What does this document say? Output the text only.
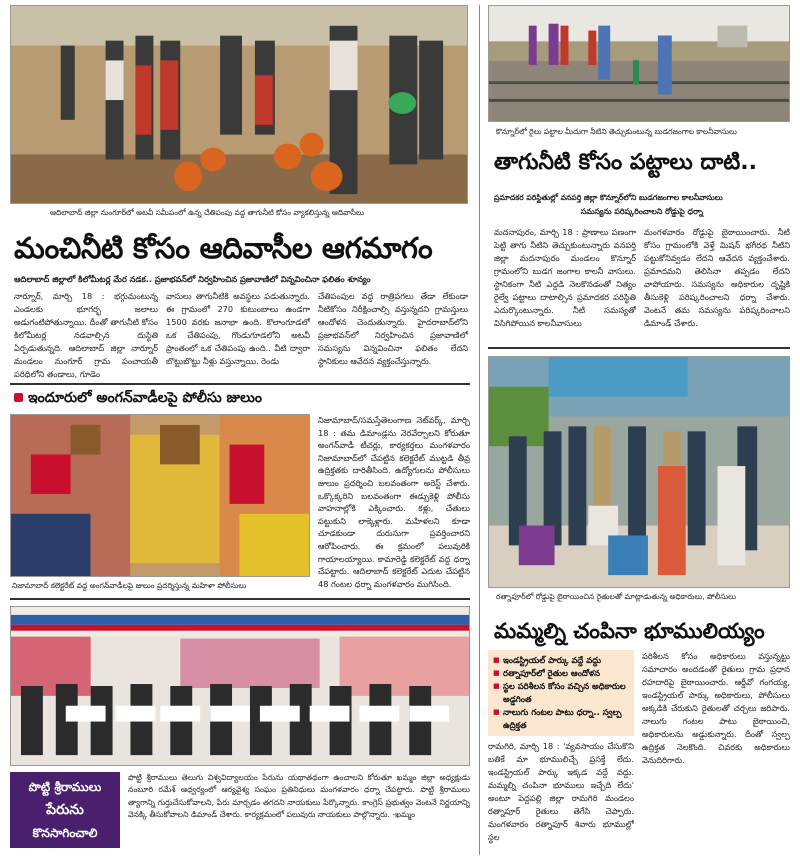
ఆదిలాబాద్ జిల్లా నుంగూర్‌లో అటవీ సమీపంలో ఉన్న చేతిపంపు వద్ద తాగునీటి కోసం వ్యాకలిస్తున్న ఆదివాసీలు
మంచినీటి కోసం ఆదివాసీల ఆగమాగం
ఆదిలాబాద్ జిల్లాలో కిలోమీటర్ల మేర నడక.. ప్రజాభవన్‌లో నిర్వహించిన ప్రజావాణిలో విన్నవించినా ఫలితం శూన్యం
నార్నూర్, మార్చి 18 : భగ్గుమంటున్న ఎండలకు భూగర్భ జలాలు అడుగంటిపోతున్నాయి. దీంతో తాగునీటి కోసం కిలోమీటర్ల నడవాల్సిన దుస్థితి ఏర్పడుతున్నది. ఆదిలాబాద్ జిల్లా నార్నూర్ మండలం నుంగూర్ గ్రామ పంచాయతీ పరిధిలోని తండాలు, గూడెం
వాసులు తాగునీటికి అవస్థలు పడుతున్నారు. ఈ గ్రామంలో 270 కుటుంబాలు ఉండగా 1500 వరకు జనాభా ఉంది. కొలాంగూడలో ఒక చేతిపంపు, గొండుగూడలోని అటవీ ప్రాంతంలో ఒక చేతిపంపు ఉంది.. వీటి ద్వారా బొట్టుబొట్టు నీళ్లు వస్తున్నాయి. రెండు
చేతిపంపుల వద్ద రాత్రిపగలు తేడా లేకుండా నీటికోసం నిరీక్షించాల్సి వస్తున్నదని గ్రామస్తులు ఆందోళన చెందుతున్నారు. హైదరాబాద్‌లోని ప్రజాభవన్‌లో నిర్వహించిన ప్రజావాణిలో సమస్యను విన్నవించినా ఫలితం లేదని స్థానికులు ఆవేదన వ్యక్తంచేస్తున్నారు.
కొన్నూర్‌లో రైలు పట్టాల మీదుగా నీటిని తెచ్చుకుంటున్న బుడగజంగాల కాలనీవాసులు
తాగునీటి కోసం పట్టాలు దాటి..
ప్రమాదకర పరిస్థితుల్లో వనపర్తి జిల్లా కొన్నూర్‌లోని బుడగజంగాల కాలనీవాసులు
సమస్యను పరిష్కరించాలని రోడ్డుపై ధర్నా
మదనాపురం, మార్చి 18 : ప్రాణాలు పణంగా పెట్టి తాగు నీటిని తెచ్చుకుంటున్నారు వనపర్తి జిల్లా మదనాపురం మండలం కొన్నూర్ గ్రామంలోని బుడగ జంగాల కాలనీ వాసులు. స్థానికంగా నీటి ఎద్దడి నెలకొనడంతో నిత్యం రైల్వే పట్టాలు దాటాల్సిన ప్రమాదకర పరిస్థితి ఎదుర్కొంటున్నారు. నీటి సమస్యతో విసిగిపోయిన కాలనీవాసులు
మంగళవారం రోడ్డుపై బైఠాయించారు. నీటి కోసం గ్రామంలోకి వెళ్తే మిషన్ భగీరథ నీటిని పట్టుకోనివ్వడం లేదని ఆవేదన వ్యక్తంచేశారు. ప్రమాదమని తెలిసినా తప్పడం లేదని వాపోయారు. సమస్యను అధికారుల దృష్టికి తీసుకెళ్లి పరిష్కరించాలని ధర్నా చేశారు. వెంటనే తమ సమస్యను పరిష్కరించాలని డిమాండ్ చేశారు.
ఇందూరులో అంగన్‌వాడీలపై పోలీసు జులుం
నిజామాబాద్ కలెక్టరేట్ వద్ద అంగన్‌వాడీలపై జులుం ప్రదర్శిస్తున్న మహిళా పోలీసులు
నిజామాబాద్/సమస్తేతెలంగాణ నెట్‌వర్క్, మార్చి 18 : తమ డిమాండ్లను నెరవేర్చాలని కోరుతూ అంగన్‌వాడీ టీచర్లు, కార్యకర్తలు మంగళవారం నిజామాబాద్‌లో చేపట్టిన కలెక్టరేట్ ముట్టడి తీవ్ర ఉద్రిక్తతకు దారితీసింది. ఉద్యోగులను పోలీసులు జులుం ప్రదర్శించి బలవంతంగా అరెస్ట్ చేశారు. ఒక్కొక్కరిని బలవంతంగా ఈడ్చుకెళ్లి పోలీసు వాహనాల్లోకి ఎక్కించారు. కళ్లు, చేతులు పట్టుకుని లాక్కెళ్లారు. మహిళలని కూడా చూడకుండా దురుసుగా ప్రవర్తించారని ఆరోపించారు. ఈ క్రమంలో పలువురికి గాయాలయ్యాయి. కామారెడ్డి కలెక్టరేట్ వద్ద ధర్నా చేపట్టారు. ఆదిలాబాద్ కలెక్టరేట్ ఎదుట చేపట్టిన 48 గంటల ధర్నా మంగళవారం ముగిసింది.
రత్నాపూర్‌లో రోడ్డుపై బైఠాయించిన రైతులతో మాట్లాడుతున్న అధికారులు, పోలీసులు
మమ్మల్ని చంపినా భూములియ్యం
■ ఇండస్ట్రియల్ పార్కు వద్దే వద్దు
■ రత్నాపూర్‌లో రైతుల ఆందోళన
■ స్థల పరిశీలన కోసం వచ్చిన అధికారుల అడ్డగింత
■ నాలుగు గంటల పాటు ధర్నా.. స్వల్ప ఉద్రిక్తత
రామగిరి, మార్చి 18 : 'వ్యవసాయం చేసుకొని బతికే మా భూములిచ్చే ప్రసక్తే లేదు. ఇండస్ట్రియల్ పార్కు ఇక్కడ వద్దే వద్దు. మమ్మల్ని చంపినా భూములు ఇచ్చేది లేదు' అంటూ పెద్దపల్లి జిల్లా రామగిరి మండలం రత్నాపూర్ రైతులు తెగేసి చెప్పారు. మంగళవారం రత్నాపూర్ శివారు భూముల్లో స్థల
పరిశీలన కోసం అధికారులు వస్తున్నట్టు సమాచారం అందడంతో రైతులు గ్రామ ప్రధాన రహదారిపై బైఠాయించారు. ఆర్డీవో గంగయ్య, ఇండస్ట్రియల్ పార్కు అధికారులు, పోలీసులు అక్కడికి చేరుకుని రైతులతో చర్చలు జరిపారు. నాలుగు గంటల పాటు బైఠాయించి, అధికారులను అడ్డుకున్నారు. దీంతో స్వల్ప ఉద్రిక్తత నెలకొంది. చివరకు అధికారులు వెనుదిరిగారు.
పొట్టి శ్రీరాములు
పేరును
కొనసాగించాలి
పొట్టి శ్రీరాములు తెలుగు విశ్వవిద్యాలయం పేరును యథాతథంగా ఉంచాలని కోరుతూ ఖమ్మం జిల్లా అధ్యక్షుడు నంబూరి రమేశ్ ఆధ్వర్యంలో ఆర్యవైశ్య సంఘం ప్రతినిధులు మంగళవారం ధర్నా చేపట్టారు. పొట్టి శ్రీరాములు త్యాగాన్ని గుర్తుచేసుకోవాలని, పేరు మార్చడం తగదని నాయకులు పేర్కొన్నారు. కాంగ్రెస్ ప్రభుత్వం వెంటనే నిర్ణయాన్ని వెనక్కి తీసుకోవాలని డిమాండ్ చేశారు. కార్యక్రమంలో పలువురు నాయకులు పాల్గొన్నారు. -ఖమ్మం
